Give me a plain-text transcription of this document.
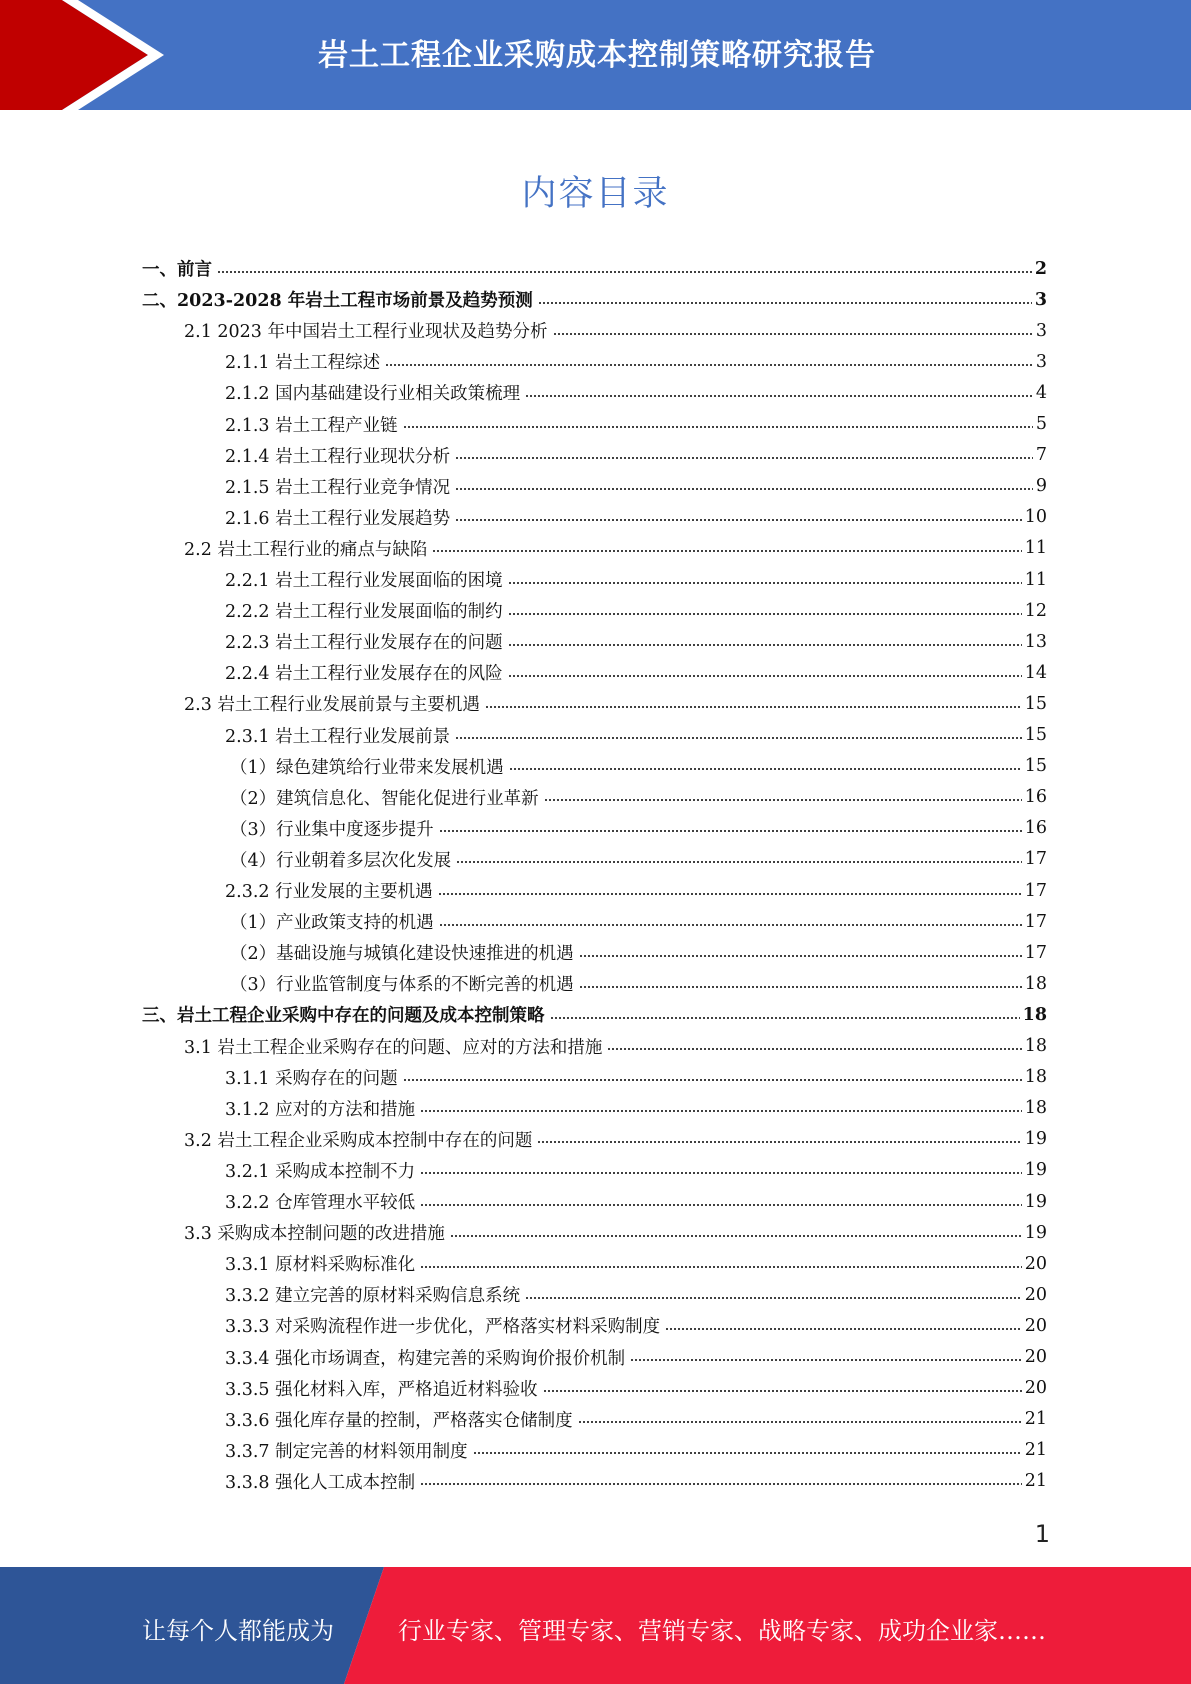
岩土工程企业采购成本控制策略研究报告
内容目录
一、前言	2
二、2023-2028 年岩土工程市场前景及趋势预测	3
2.1 2023 年中国岩土工程行业现状及趋势分析	3
2.1.1 岩土工程综述	3
2.1.2 国内基础建设行业相关政策梳理	4
2.1.3 岩土工程产业链	5
2.1.4 岩土工程行业现状分析	7
2.1.5 岩土工程行业竞争情况	9
2.1.6 岩土工程行业发展趋势	10
2.2 岩土工程行业的痛点与缺陷	11
2.2.1 岩土工程行业发展面临的困境	11
2.2.2 岩土工程行业发展面临的制约	12
2.2.3 岩土工程行业发展存在的问题	13
2.2.4 岩土工程行业发展存在的风险	14
2.3 岩土工程行业发展前景与主要机遇	15
2.3.1 岩土工程行业发展前景	15
（1）绿色建筑给行业带来发展机遇	15
（2）建筑信息化、智能化促进行业革新	16
（3）行业集中度逐步提升	16
（4）行业朝着多层次化发展	17
2.3.2 行业发展的主要机遇	17
（1）产业政策支持的机遇	17
（2）基础设施与城镇化建设快速推进的机遇	17
（3）行业监管制度与体系的不断完善的机遇	18
三、岩土工程企业采购中存在的问题及成本控制策略	18
3.1 岩土工程企业采购存在的问题、应对的方法和措施	18
3.1.1 采购存在的问题	18
3.1.2 应对的方法和措施	18
3.2 岩土工程企业采购成本控制中存在的问题	19
3.2.1 采购成本控制不力	19
3.2.2 仓库管理水平较低	19
3.3 采购成本控制问题的改进措施	19
3.3.1 原材料采购标准化	20
3.3.2 建立完善的原材料采购信息系统	20
3.3.3 对采购流程作进一步优化，严格落实材料采购制度	20
3.3.4 强化市场调查，构建完善的采购询价报价机制	20
3.3.5 强化材料入库，严格追近材料验收	20
3.3.6 强化库存量的控制，严格落实仓储制度	21
3.3.7 制定完善的材料领用制度	21
3.3.8 强化人工成本控制	21
1
让每个人都能成为	行业专家、管理专家、营销专家、战略专家、成功企业家……
